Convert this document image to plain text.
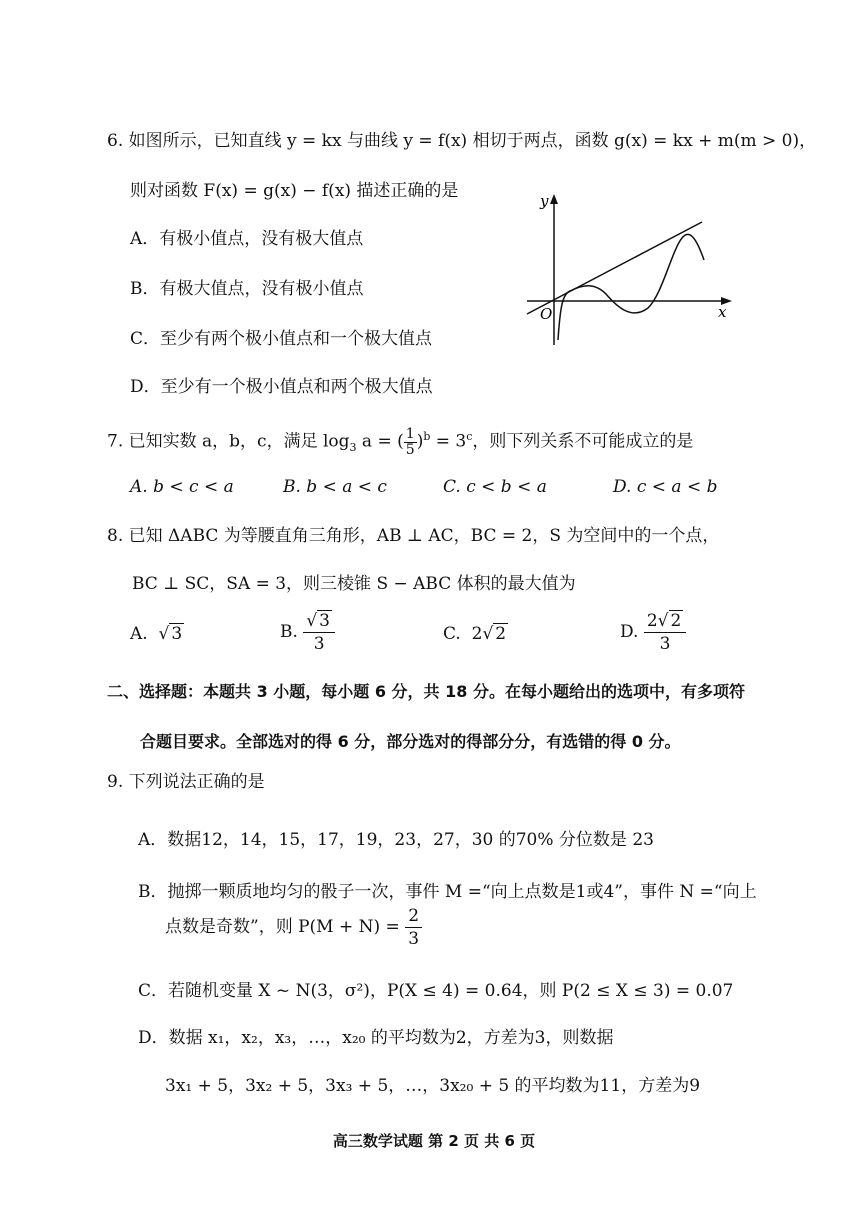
6. 如图所示，已知直线 y = kx 与曲线 y = f(x) 相切于两点，函数 g(x) = kx + m(m > 0)，
则对函数 F(x) = g(x) − f(x) 描述正确的是
A．有极小值点，没有极大值点
B．有极大值点，没有极小值点
C．至少有两个极小值点和一个极大值点
D．至少有一个极小值点和两个极大值点
y
x
O
7. 已知实数 a，b，c，满足 $\log_3 a$ = ( $\frac{1}{5} )^b = 3^c$，则下列关系不可能成立的是
A. b < c < a	B. b < a < c	C. c < b < a	D. c < a < b
8. 已知 ΔABC 为等腰直角三角形，AB ⊥ AC，BC = 2，S 为空间中的一个点，
BC ⊥ SC，SA = 3，则三棱锥 S − ABC 体积的最大值为
A.  √ 3	B. $\frac{√ 3}{3}$	C. 2√ 2	D. $\frac{2√ 2}{3}$
二、选择题：本题共 3 小题，每小题 6 分，共 18 分。在每小题给出的选项中，有多项符
合题目要求。全部选对的得 6 分，部分选对的得部分分，有选错的得 0 分。
9. 下列说法正确的是
A．数据12，14，15，17，19，23，27，30 的70% 分位数是 23
B．抛掷一颗质地均匀的骰子一次，事件 M =“向上点数是1或4”，事件 N =“向上
点数是奇数”，则 $P(M + N) = \frac{2}{3}$
C．若随机变量 X ~ N(3，σ²)，P(X ≤ 4) = 0.64，则 P(2 ≤ X ≤ 3) = 0.07
D．数据 x₁，x₂，x₃，…，x₂₀ 的平均数为2，方差为3，则数据
3x₁ + 5，3x₂ + 5，3x₃ + 5，…，3x₂₀ + 5 的平均数为11，方差为9
高三数学试题 第 2 页 共 6 页
